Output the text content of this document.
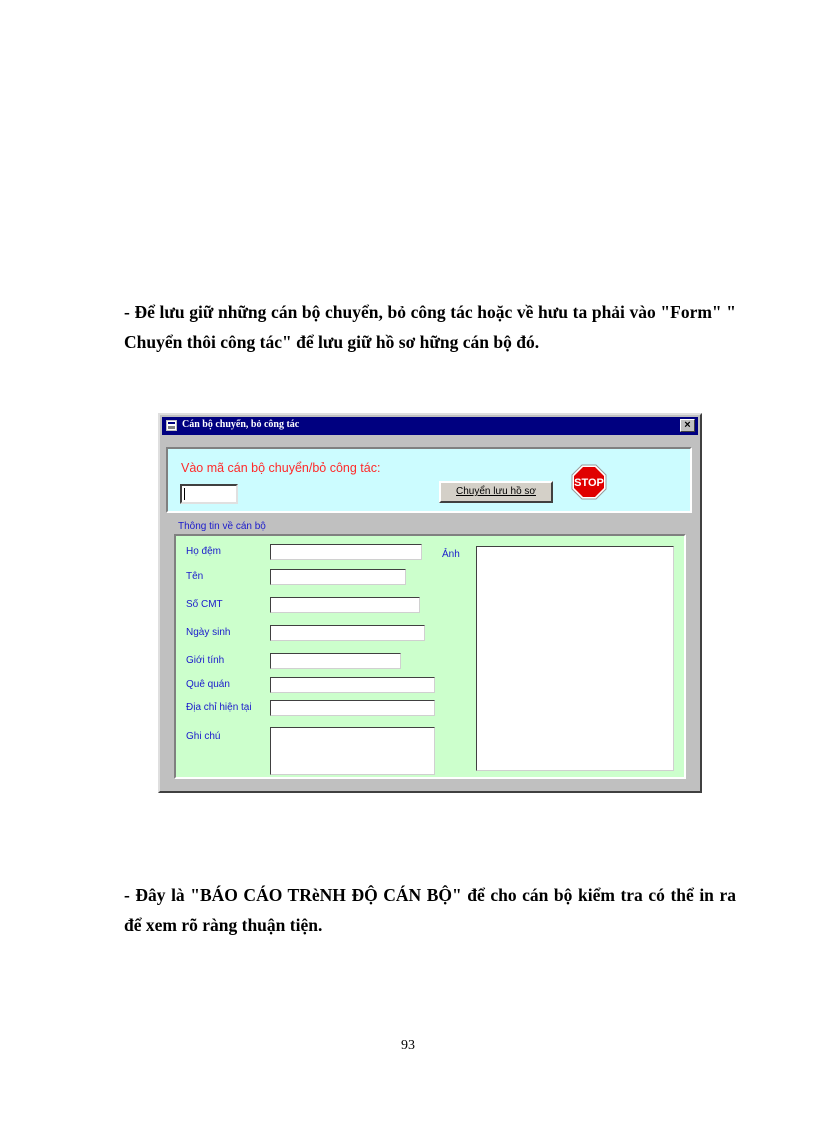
- Để lưu giữ những cán bộ chuyển, bỏ công tác hoặc về hưu ta phải vào "Form" " Chuyển thôi công tác" để lưu giữ hồ sơ hững cán bộ đó.

Cán bộ chuyển, bỏ công tác	×
Vào mã cán bộ chuyển/bỏ công tác:
Chuyển lưu hồ sơ
STOP
Thông tin về cán bộ
Họ đệm
Tên
Số CMT
Ngày sinh
Giới tính
Quê quán
Địa chỉ hiện tại
Ghi chú
Ảnh

- Đây là "BÁO CÁO TRèNH ĐỘ CÁN BỘ" để cho cán bộ kiểm tra có thể in ra để xem rõ ràng thuận tiện.

93
